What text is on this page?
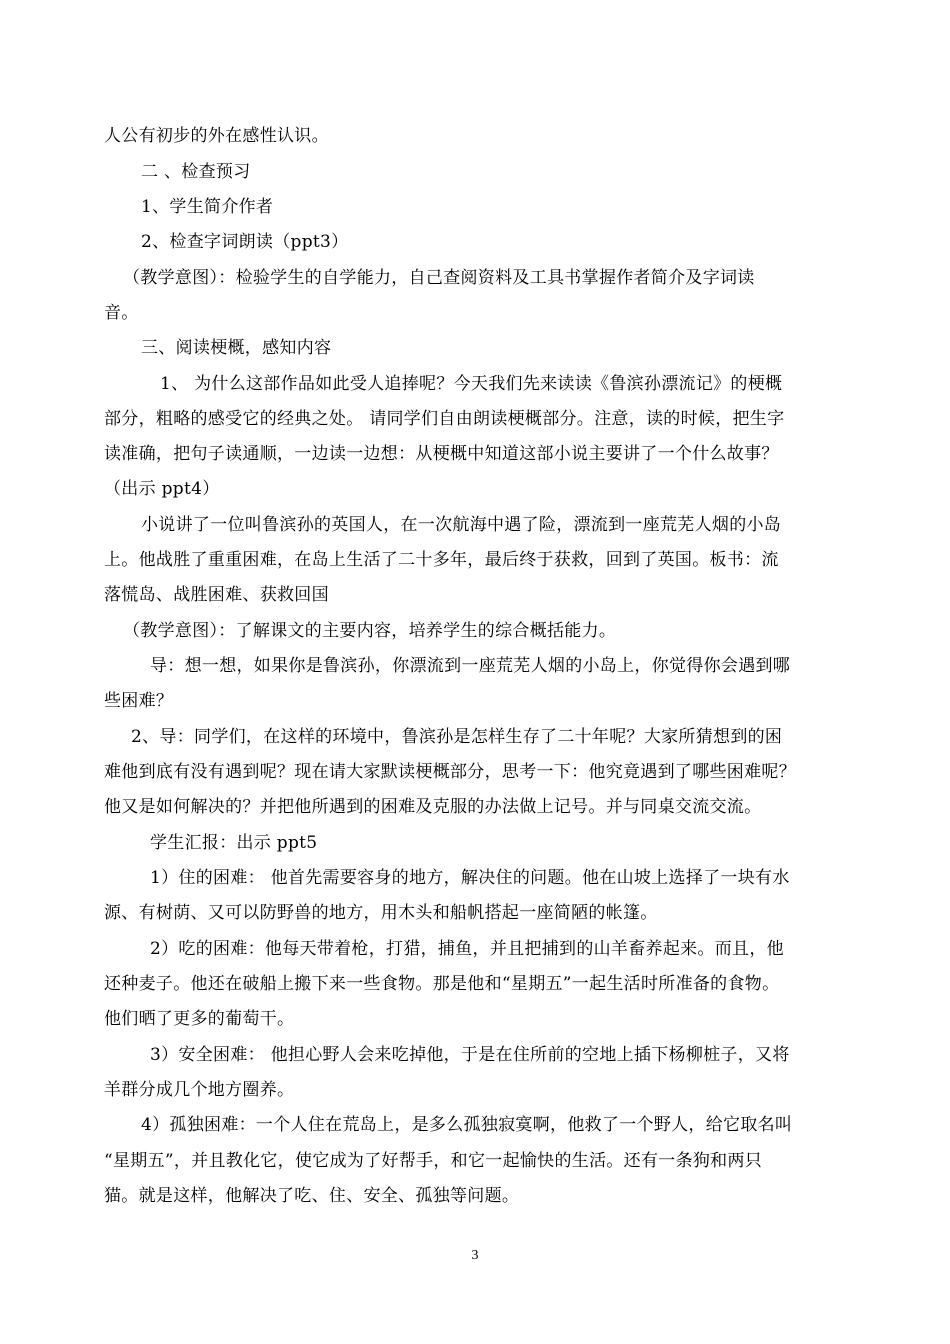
人公有初步的外在感性认识。
二 、检查预习
1、学生简介作者
2、检查字词朗读（ppt3）
（教学意图）：检验学生的自学能力，自己查阅资料及工具书掌握作者简介及字词读
音。
三、阅读梗概，感知内容
1、 为什么这部作品如此受人追捧呢？今天我们先来读读《鲁滨孙漂流记》的梗概
部分，粗略的感受它的经典之处。 请同学们自由朗读梗概部分。注意，读的时候，把生字
读准确，把句子读通顺，一边读一边想：从梗概中知道这部小说主要讲了一个什么故事？
（出示 ppt4）
小说讲了一位叫鲁滨孙的英国人，在一次航海中遇了险，漂流到一座荒芜人烟的小岛
上。他战胜了重重困难，在岛上生活了二十多年，最后终于获救，回到了英国。板书：流
落慌岛、战胜困难、获救回国
（教学意图）：了解课文的主要内容，培养学生的综合概括能力。
导：想一想，如果你是鲁滨孙，你漂流到一座荒芜人烟的小岛上，你觉得你会遇到哪
些困难？
2、导：同学们，在这样的环境中，鲁滨孙是怎样生存了二十年呢？大家所猜想到的困
难他到底有没有遇到呢？现在请大家默读梗概部分，思考一下：他究竟遇到了哪些困难呢？
他又是如何解决的？并把他所遇到的困难及克服的办法做上记号。并与同桌交流交流。
学生汇报：出示 ppt5
1）住的困难： 他首先需要容身的地方，解决住的问题。他在山坡上选择了一块有水
源、有树荫、又可以防野兽的地方，用木头和船帆搭起一座简陋的帐篷。
2）吃的困难：他每天带着枪，打猎，捕鱼，并且把捕到的山羊畜养起来。而且，他
还种麦子。他还在破船上搬下来一些食物。那是他和“星期五”一起生活时所准备的食物。
他们晒了更多的葡萄干。
3）安全困难： 他担心野人会来吃掉他，于是在住所前的空地上插下杨柳桩子，又将
羊群分成几个地方圈养。
4）孤独困难：一个人住在荒岛上，是多么孤独寂寞啊，他救了一个野人，给它取名叫
“星期五”，并且教化它，使它成为了好帮手，和它一起愉快的生活。还有一条狗和两只
猫。就是这样，他解决了吃、住、安全、孤独等问题。
3
